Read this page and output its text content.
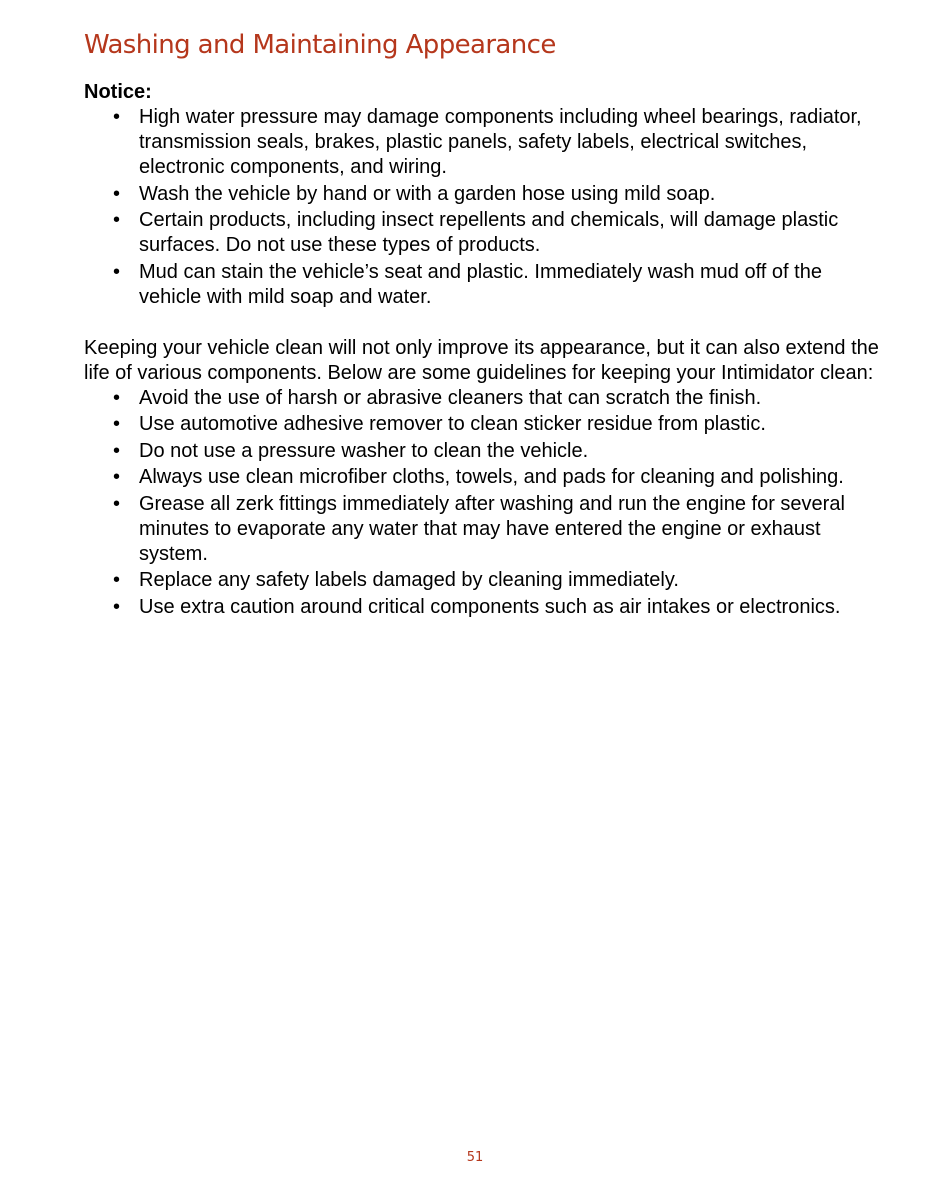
Washing and Maintaining Appearance

Notice:

• High water pressure may damage components including wheel bearings, radiator, transmission seals, brakes, plastic panels, safety labels, electrical switches, electronic components, and wiring.
• Wash the vehicle by hand or with a garden hose using mild soap.
• Certain products, including insect repellents and chemicals, will damage plastic surfaces. Do not use these types of products.
• Mud can stain the vehicle’s seat and plastic. Immediately wash mud off of the vehicle with mild soap and water.

Keeping your vehicle clean will not only improve its appearance, but it can also extend the life of various components. Below are some guidelines for keeping your Intimidator clean:

• Avoid the use of harsh or abrasive cleaners that can scratch the finish.
• Use automotive adhesive remover to clean sticker residue from plastic.
• Do not use a pressure washer to clean the vehicle.
• Always use clean microfiber cloths, towels, and pads for cleaning and polishing.
• Grease all zerk fittings immediately after washing and run the engine for several minutes to evaporate any water that may have entered the engine or exhaust system.
• Replace any safety labels damaged by cleaning immediately.
• Use extra caution around critical components such as air intakes or electronics.
51
